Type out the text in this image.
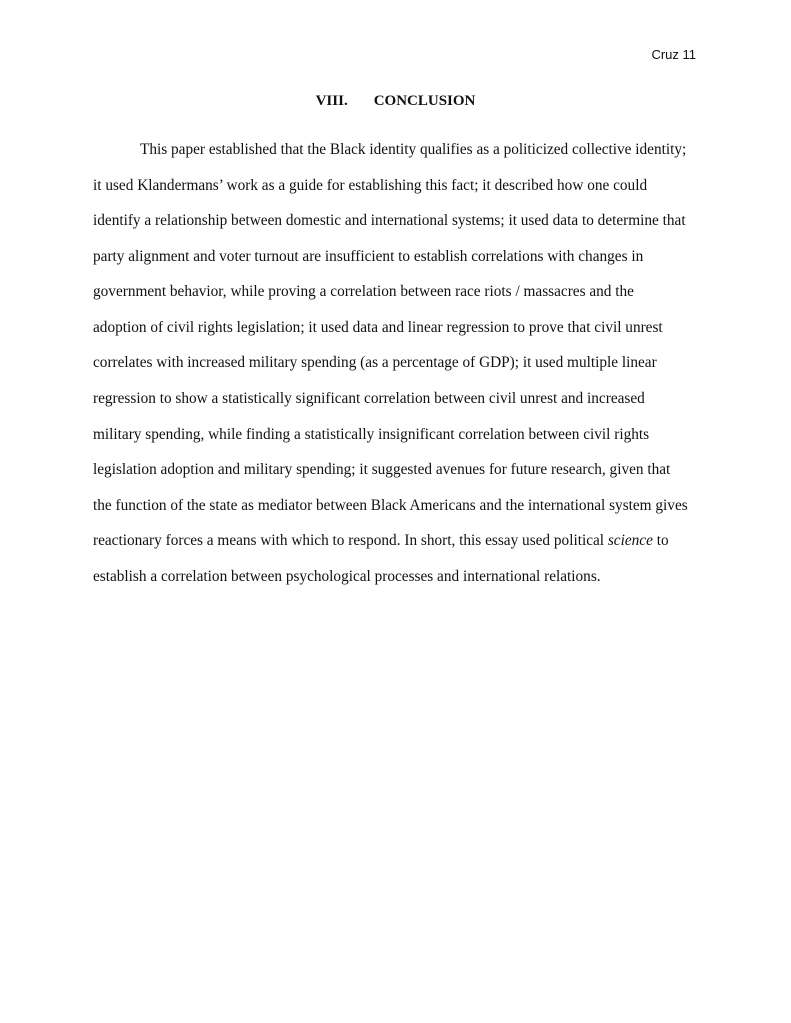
Cruz 11
VIII. CONCLUSION
This paper established that the Black identity qualifies as a politicized collective identity;
it used Klandermans’ work as a guide for establishing this fact; it described how one could
identify a relationship between domestic and international systems; it used data to determine that
party alignment and voter turnout are insufficient to establish correlations with changes in
government behavior, while proving a correlation between race riots / massacres and the
adoption of civil rights legislation; it used data and linear regression to prove that civil unrest
correlates with increased military spending (as a percentage of GDP); it used multiple linear
regression to show a statistically significant correlation between civil unrest and increased
military spending, while finding a statistically insignificant correlation between civil rights
legislation adoption and military spending; it suggested avenues for future research, given that
the function of the state as mediator between Black Americans and the international system gives
reactionary forces a means with which to respond. In short, this essay used political science to
establish a correlation between psychological processes and international relations.
